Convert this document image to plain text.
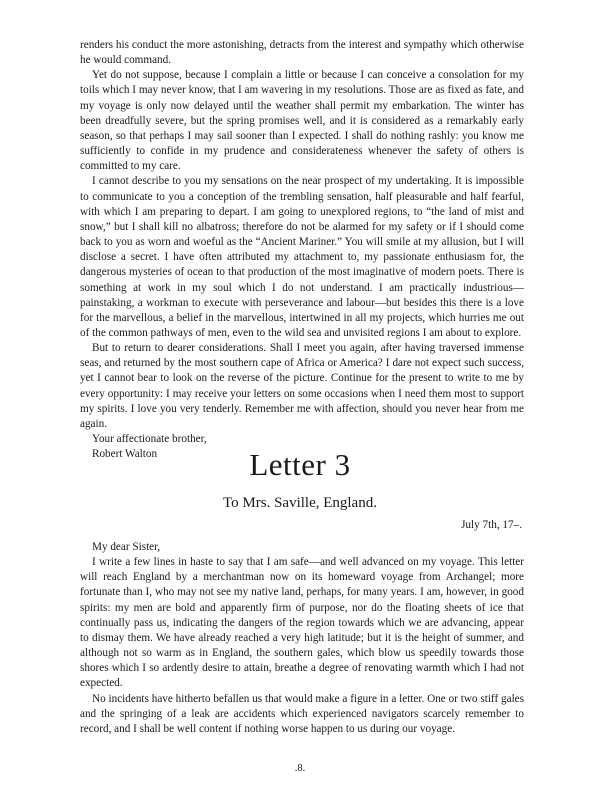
renders his conduct the more astonishing, detracts from the interest and sympathy which otherwise he would command.

Yet do not suppose, because I complain a little or because I can conceive a consolation for my toils which I may never know, that I am wavering in my resolutions. Those are as fixed as fate, and my voyage is only now delayed until the weather shall permit my embarkation. The winter has been dreadfully severe, but the spring promises well, and it is considered as a remarkably early season, so that perhaps I may sail sooner than I expected. I shall do nothing rashly: you know me sufficiently to confide in my prudence and considerateness whenever the safety of others is committed to my care.

I cannot describe to you my sensations on the near prospect of my undertaking. It is impossible to communicate to you a conception of the trembling sensation, half pleasurable and half fearful, with which I am preparing to depart. I am going to unexplored regions, to “the land of mist and snow,” but I shall kill no albatross; therefore do not be alarmed for my safety or if I should come back to you as worn and woeful as the “Ancient Mariner.” You will smile at my allusion, but I will disclose a secret. I have often attributed my attachment to, my passionate enthusiasm for, the dangerous mysteries of ocean to that production of the most imaginative of modern poets. There is something at work in my soul which I do not understand. I am practically industrious—painstaking, a workman to execute with perseverance and labour—but besides this there is a love for the marvellous, a belief in the marvellous, intertwined in all my projects, which hurries me out of the common pathways of men, even to the wild sea and unvisited regions I am about to explore.

But to return to dearer considerations. Shall I meet you again, after having traversed immense seas, and returned by the most southern cape of Africa or America? I dare not expect such success, yet I cannot bear to look on the reverse of the picture. Continue for the present to write to me by every opportunity: I may receive your letters on some occasions when I need them most to support my spirits. I love you very tenderly. Remember me with affection, should you never hear from me again.

Your affectionate brother,

Robert Walton	Letter 3
To Mrs. Saville, England.
July 7th, 17–.

My dear Sister,

I write a few lines in haste to say that I am safe—and well advanced on my voyage. This letter will reach England by a merchantman now on its homeward voyage from Archangel; more fortunate than I, who may not see my native land, perhaps, for many years. I am, however, in good spirits: my men are bold and apparently firm of purpose, nor do the floating sheets of ice that continually pass us, indicating the dangers of the region towards which we are advancing, appear to dismay them. We have already reached a very high latitude; but it is the height of summer, and although not so warm as in England, the southern gales, which blow us speedily towards those shores which I so ardently desire to attain, breathe a degree of renovating warmth which I had not expected.

No incidents have hitherto befallen us that would make a figure in a letter. One or two stiff gales and the springing of a leak are accidents which experienced navigators scarcely remember to record, and I shall be well content if nothing worse happen to us during our voyage.

.8.
